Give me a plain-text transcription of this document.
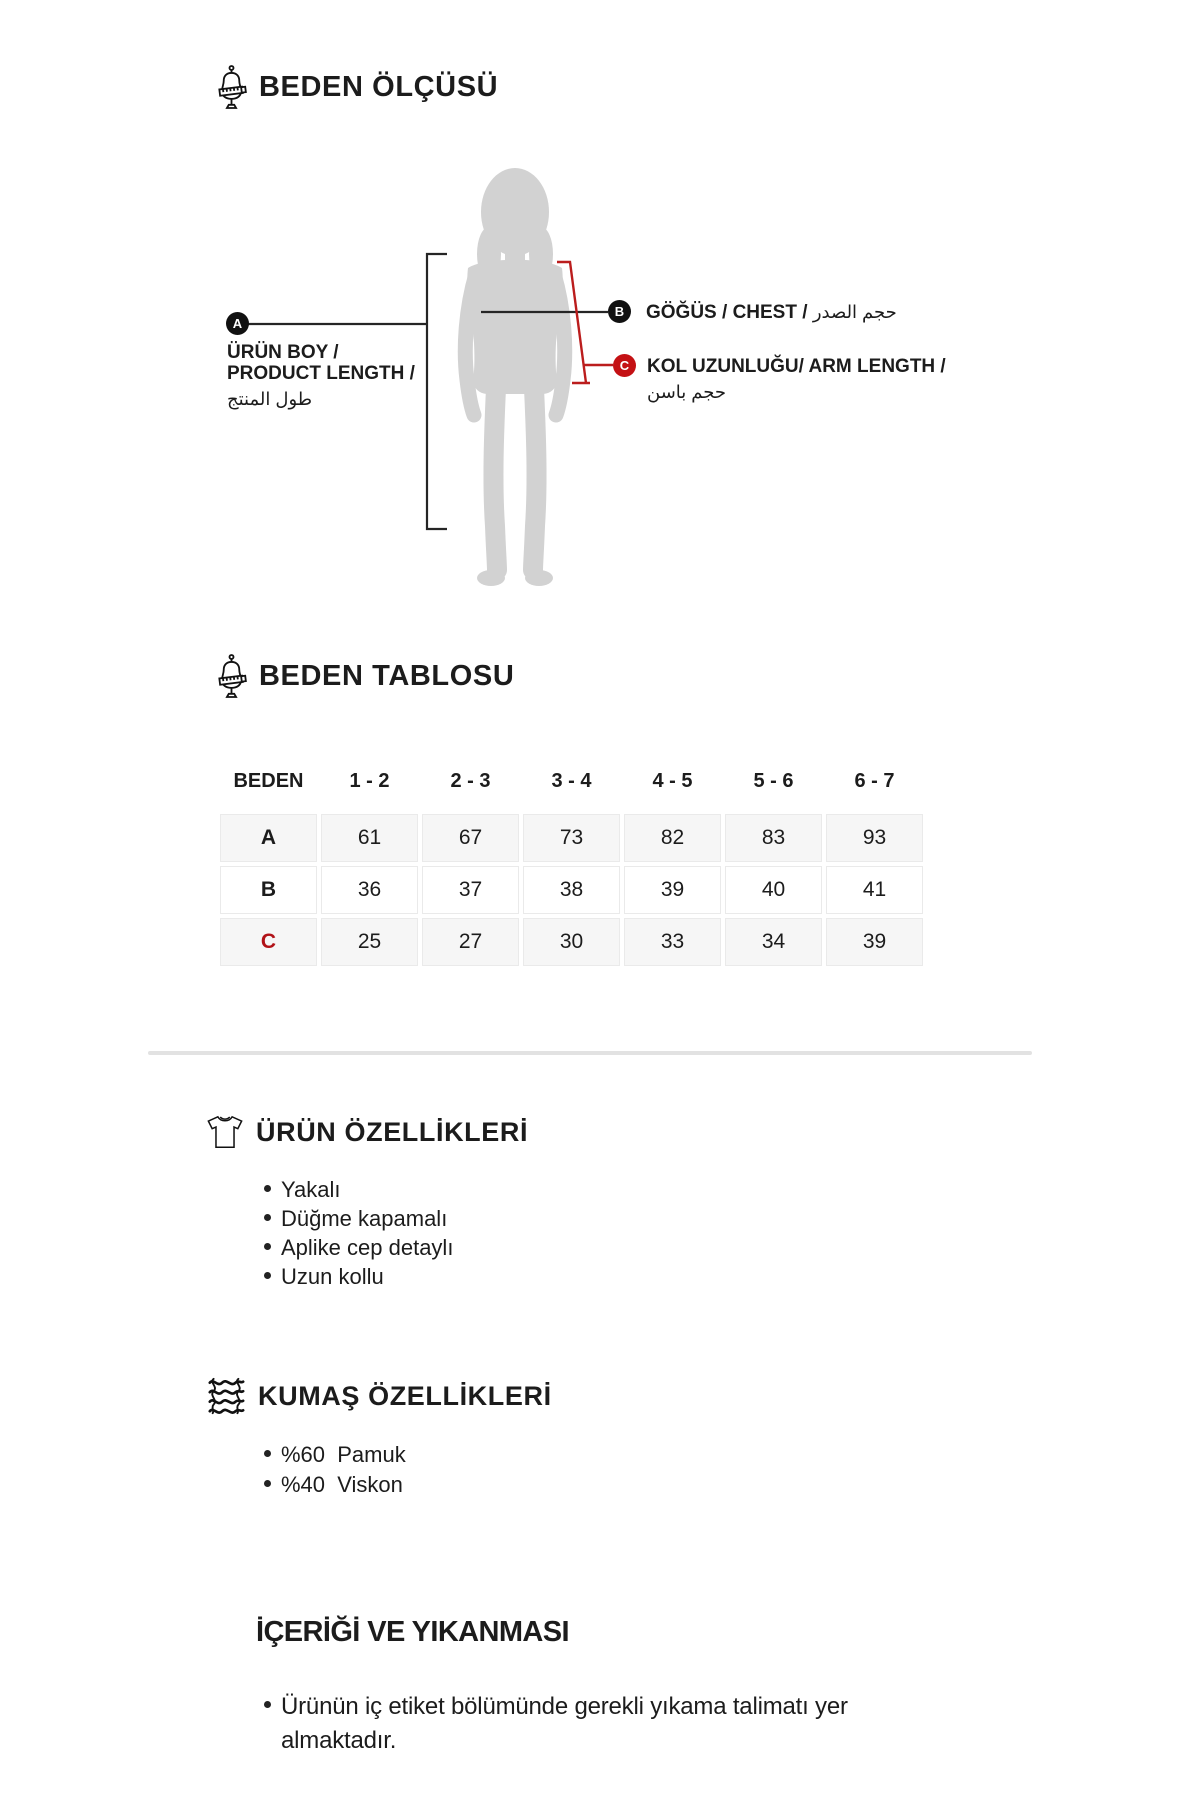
BEDEN ÖLÇÜSÜ
A
B
C
ÜRÜN BOY /
PRODUCT LENGTH /
طول المنتج
GÖĞÜS / CHEST / حجم الصدر
KOL UZUNLUĞU/ ARM LENGTH /
حجم باسن
BEDEN TABLOSU
BEDEN	1 - 2	2 - 3	3 - 4	4 - 5	5 - 6	6 - 7
A	61	67	73	82	83	93
B	36	37	38	39	40	41
C	25	27	30	33	34	39
ÜRÜN ÖZELLİKLERİ
Yakalı
Düğme kapamalı
Aplike cep detaylı
Uzun kollu
KUMAŞ ÖZELLİKLERİ
%60  Pamuk
%40  Viskon
İÇERİĞİ VE YIKANMASI
Ürünün iç etiket bölümünde gerekli yıkama talimatı yer almaktadır.
